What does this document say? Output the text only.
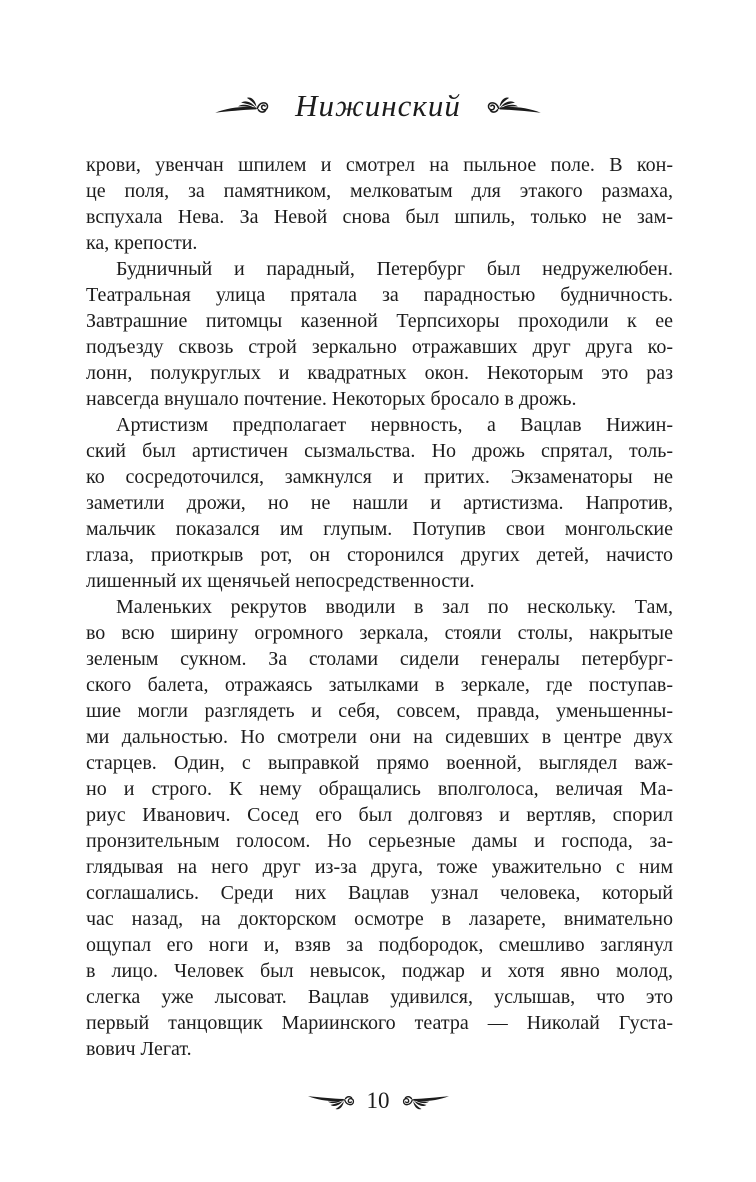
Нижинский
крови, увенчан шпилем и смотрел на пыльное поле. В кон-
це поля, за памятником, мелковатым для этакого размаха,
вспухала Нева. За Невой снова был шпиль, только не зам-
ка, крепости.
Будничный и парадный, Петербург был недружелюбен.
Театральная улица прятала за парадностью будничность.
Завтрашние питомцы казенной Терпсихоры проходили к ее
подъезду сквозь строй зеркально отражавших друг друга ко-
лонн, полукруглых и квадратных окон. Некоторым это раз
навсегда внушало почтение. Некоторых бросало в дрожь.
Артистизм предполагает нервность, а Вацлав Нижин-
ский был артистичен сызмальства. Но дрожь спрятал, толь-
ко сосредоточился, замкнулся и притих. Экзаменаторы не
заметили дрожи, но не нашли и артистизма. Напротив,
мальчик показался им глупым. Потупив свои монгольские
глаза, приоткрыв рот, он сторонился других детей, начисто
лишенный их щенячьей непосредственности.
Маленьких рекрутов вводили в зал по нескольку. Там,
во всю ширину огромного зеркала, стояли столы, накрытые
зеленым сукном. За столами сидели генералы петербург-
ского балета, отражаясь затылками в зеркале, где поступав-
шие могли разглядеть и себя, совсем, правда, уменьшенны-
ми дальностью. Но смотрели они на сидевших в центре двух
старцев. Один, с выправкой прямо военной, выглядел важ-
но и строго. К нему обращались вполголоса, величая Ма-
риус Иванович. Сосед его был долговяз и вертляв, спорил
пронзительным голосом. Но серьезные дамы и господа, за-
глядывая на него друг из-за друга, тоже уважительно с ним
соглашались. Среди них Вацлав узнал человека, который
час назад, на докторском осмотре в лазарете, внимательно
ощупал его ноги и, взяв за подбородок, смешливо заглянул
в лицо. Человек был невысок, поджар и хотя явно молод,
слегка уже лысоват. Вацлав удивился, услышав, что это
первый танцовщик Мариинского театра — Николай Густа-
вович Легат.
10
